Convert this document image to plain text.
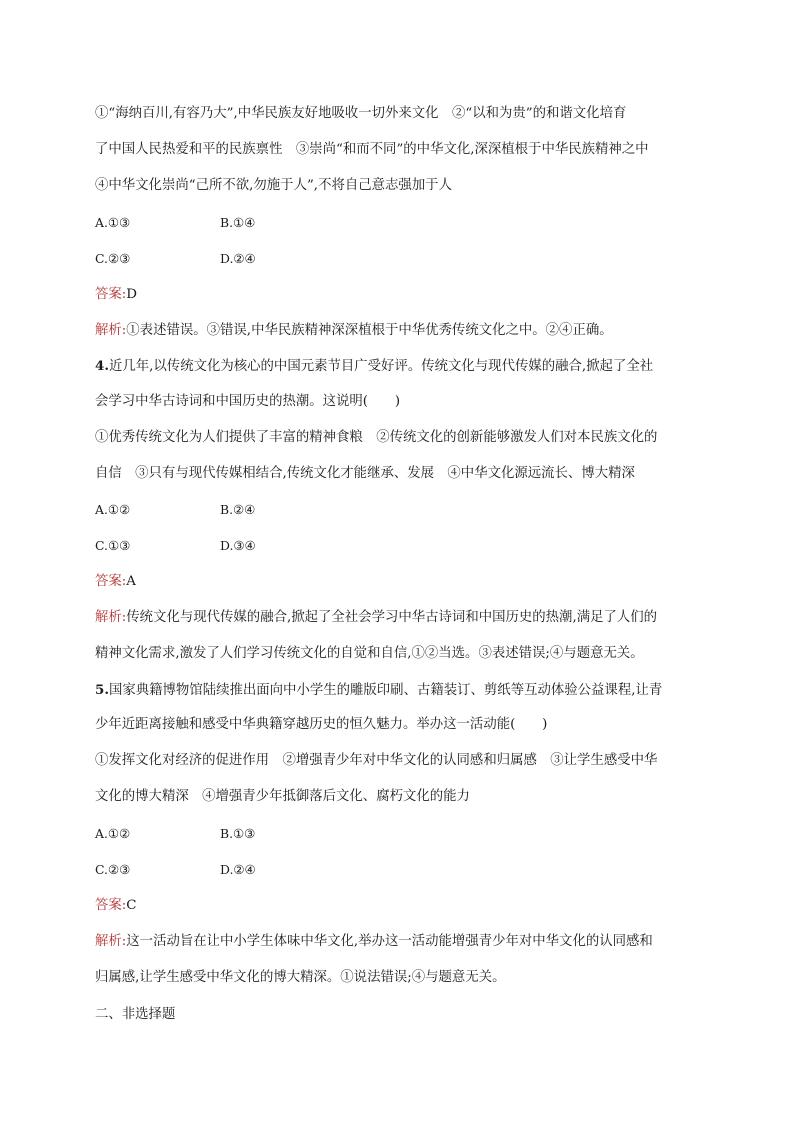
①“海纳百川,有容乃大”,中华民族友好地吸收一切外来文化　②“以和为贵”的和谐文化培育
了中国人民热爱和平的民族禀性　③崇尚“和而不同”的中华文化,深深植根于中华民族精神之中
④中华文化崇尚“己所不欲,勿施于人”,不将自己意志强加于人
A.①③	B.①④
C.②③	D.②④
答案:D
解析:①表述错误。③错误,中华民族精神深深植根于中华优秀传统文化之中。②④正确。
4.近几年,以传统文化为核心的中国元素节目广受好评。传统文化与现代传媒的融合,掀起了全社
会学习中华古诗词和中国历史的热潮。这说明(　　)
①优秀传统文化为人们提供了丰富的精神食粮　②传统文化的创新能够激发人们对本民族文化的
自信　③只有与现代传媒相结合,传统文化才能继承、发展　④中华文化源远流长、博大精深
A.①②	B.②④
C.①③	D.③④
答案:A
解析:传统文化与现代传媒的融合,掀起了全社会学习中华古诗词和中国历史的热潮,满足了人们的
精神文化需求,激发了人们学习传统文化的自觉和自信,①②当选。③表述错误;④与题意无关。
5.国家典籍博物馆陆续推出面向中小学生的雕版印刷、古籍装订、剪纸等互动体验公益课程,让青
少年近距离接触和感受中华典籍穿越历史的恒久魅力。举办这一活动能(　　)
①发挥文化对经济的促进作用　②增强青少年对中华文化的认同感和归属感　③让学生感受中华
文化的博大精深　④增强青少年抵御落后文化、腐朽文化的能力
A.①②	B.①③
C.②③	D.②④
答案:C
解析:这一活动旨在让中小学生体味中华文化,举办这一活动能增强青少年对中华文化的认同感和
归属感,让学生感受中华文化的博大精深。①说法错误;④与题意无关。
二、非选择题
